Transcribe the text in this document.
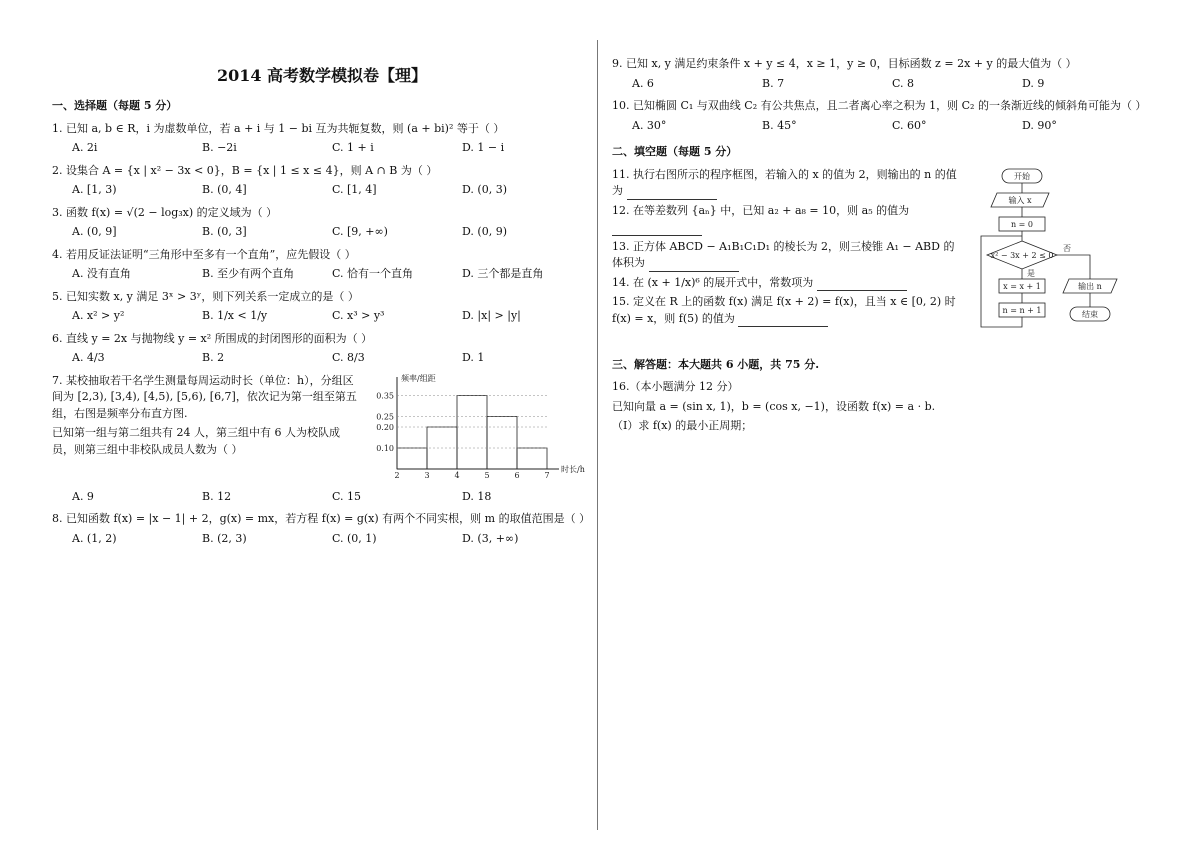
2014 高考数学模拟卷【理】
一、选择题（每题 5 分）
1. 已知 a, b ∈ R，i 为虚数单位，若 a + i 与 1 − bi 互为共轭复数，则 (a + bi)² 等于（ ）
A. 2i	B. −2i	C. 1 + i	D. 1 − i
2. 设集合 A = {x | x² − 3x < 0}，B = {x | 1 ≤ x ≤ 4}，则 A ∩ B 为（ ）
A. [1, 3)	B. (0, 4]	C. [1, 4]	D. (0, 3)
3. 函数 f(x) = √(2 − log₃x) 的定义域为（ ）
A. (0, 9]	B. (0, 3]	C. [9, +∞)	D. (0, 9)
4. 若用反证法证明“三角形中至多有一个直角”，应先假设（ ）
A. 没有直角	B. 至少有两个直角	C. 恰有一个直角	D. 三个都是直角
5. 已知实数 x, y 满足 3ˣ > 3ʸ，则下列关系一定成立的是（ ）
A. x² > y²	B. 1/x < 1/y	C. x³ > y³	D. |x| > |y|
6. 直线 y = 2x 与抛物线 y = x² 所围成的封闭图形的面积为（ ）
A. 4/3	B. 2	C. 8/3	D. 1
7. 某校抽取若干名学生测量每周运动时长（单位：h），分组区间为 [2,3), [3,4), [4,5), [5,6), [6,7]，依次记为第一组至第五组，右图是频率分布直方图.
已知第一组与第二组共有 24 人，第三组中有 6 人为校队成员，则第三组中非校队成员人数为（ ）
2	3	4	5	6	7
0.10
0.20
0.25
0.35
频率/组距
时长/h
A. 9	B. 12	C. 15	D. 18
8. 已知函数 f(x) = |x − 1| + 2，g(x) = mx，若方程 f(x) = g(x) 有两个不同实根，则 m 的取值范围是（ ）
A. (1, 2)	B. (2, 3)	C. (0, 1)	D. (3, +∞)
9. 已知 x, y 满足约束条件 x + y ≤ 4，x ≥ 1，y ≥ 0，目标函数 z = 2x + y 的最大值为（ ）
A. 6	B. 7	C. 8	D. 9
10. 已知椭圆 C₁ 与双曲线 C₂ 有公共焦点，且二者离心率之积为 1，则 C₂ 的一条渐近线的倾斜角可能为（ ）
A. 30°	B. 45°	C. 60°	D. 90°
二、填空题（每题 5 分）
11. 执行右图所示的程序框图，若输入的 x 的值为 2，则输出的 n 的值为
12. 在等差数列 {aₙ} 中，已知 a₂ + a₈ = 10，则 a₅ 的值为
13. 正方体 ABCD − A₁B₁C₁D₁ 的棱长为 2，则三棱锥 A₁ − ABD 的体积为
14. 在 (x + 1/x)⁶ 的展开式中，常数项为
15. 定义在 R 上的函数 f(x) 满足 f(x + 2) = f(x)，且当 x ∈ [0, 2) 时 f(x) = x，则 f(5) 的值为
开始
输入 x
n = 0
x² − 3x + 2 ≤ 0
是
否
x = x + 1
n = n + 1
输出 n
结束
三、解答题：本大题共 6 小题，共 75 分.
16.（本小题满分 12 分）
已知向量 a = (sin x, 1)，b = (cos x, −1)，设函数 f(x) = a · b.
（Ⅰ）求 f(x) 的最小正周期；
